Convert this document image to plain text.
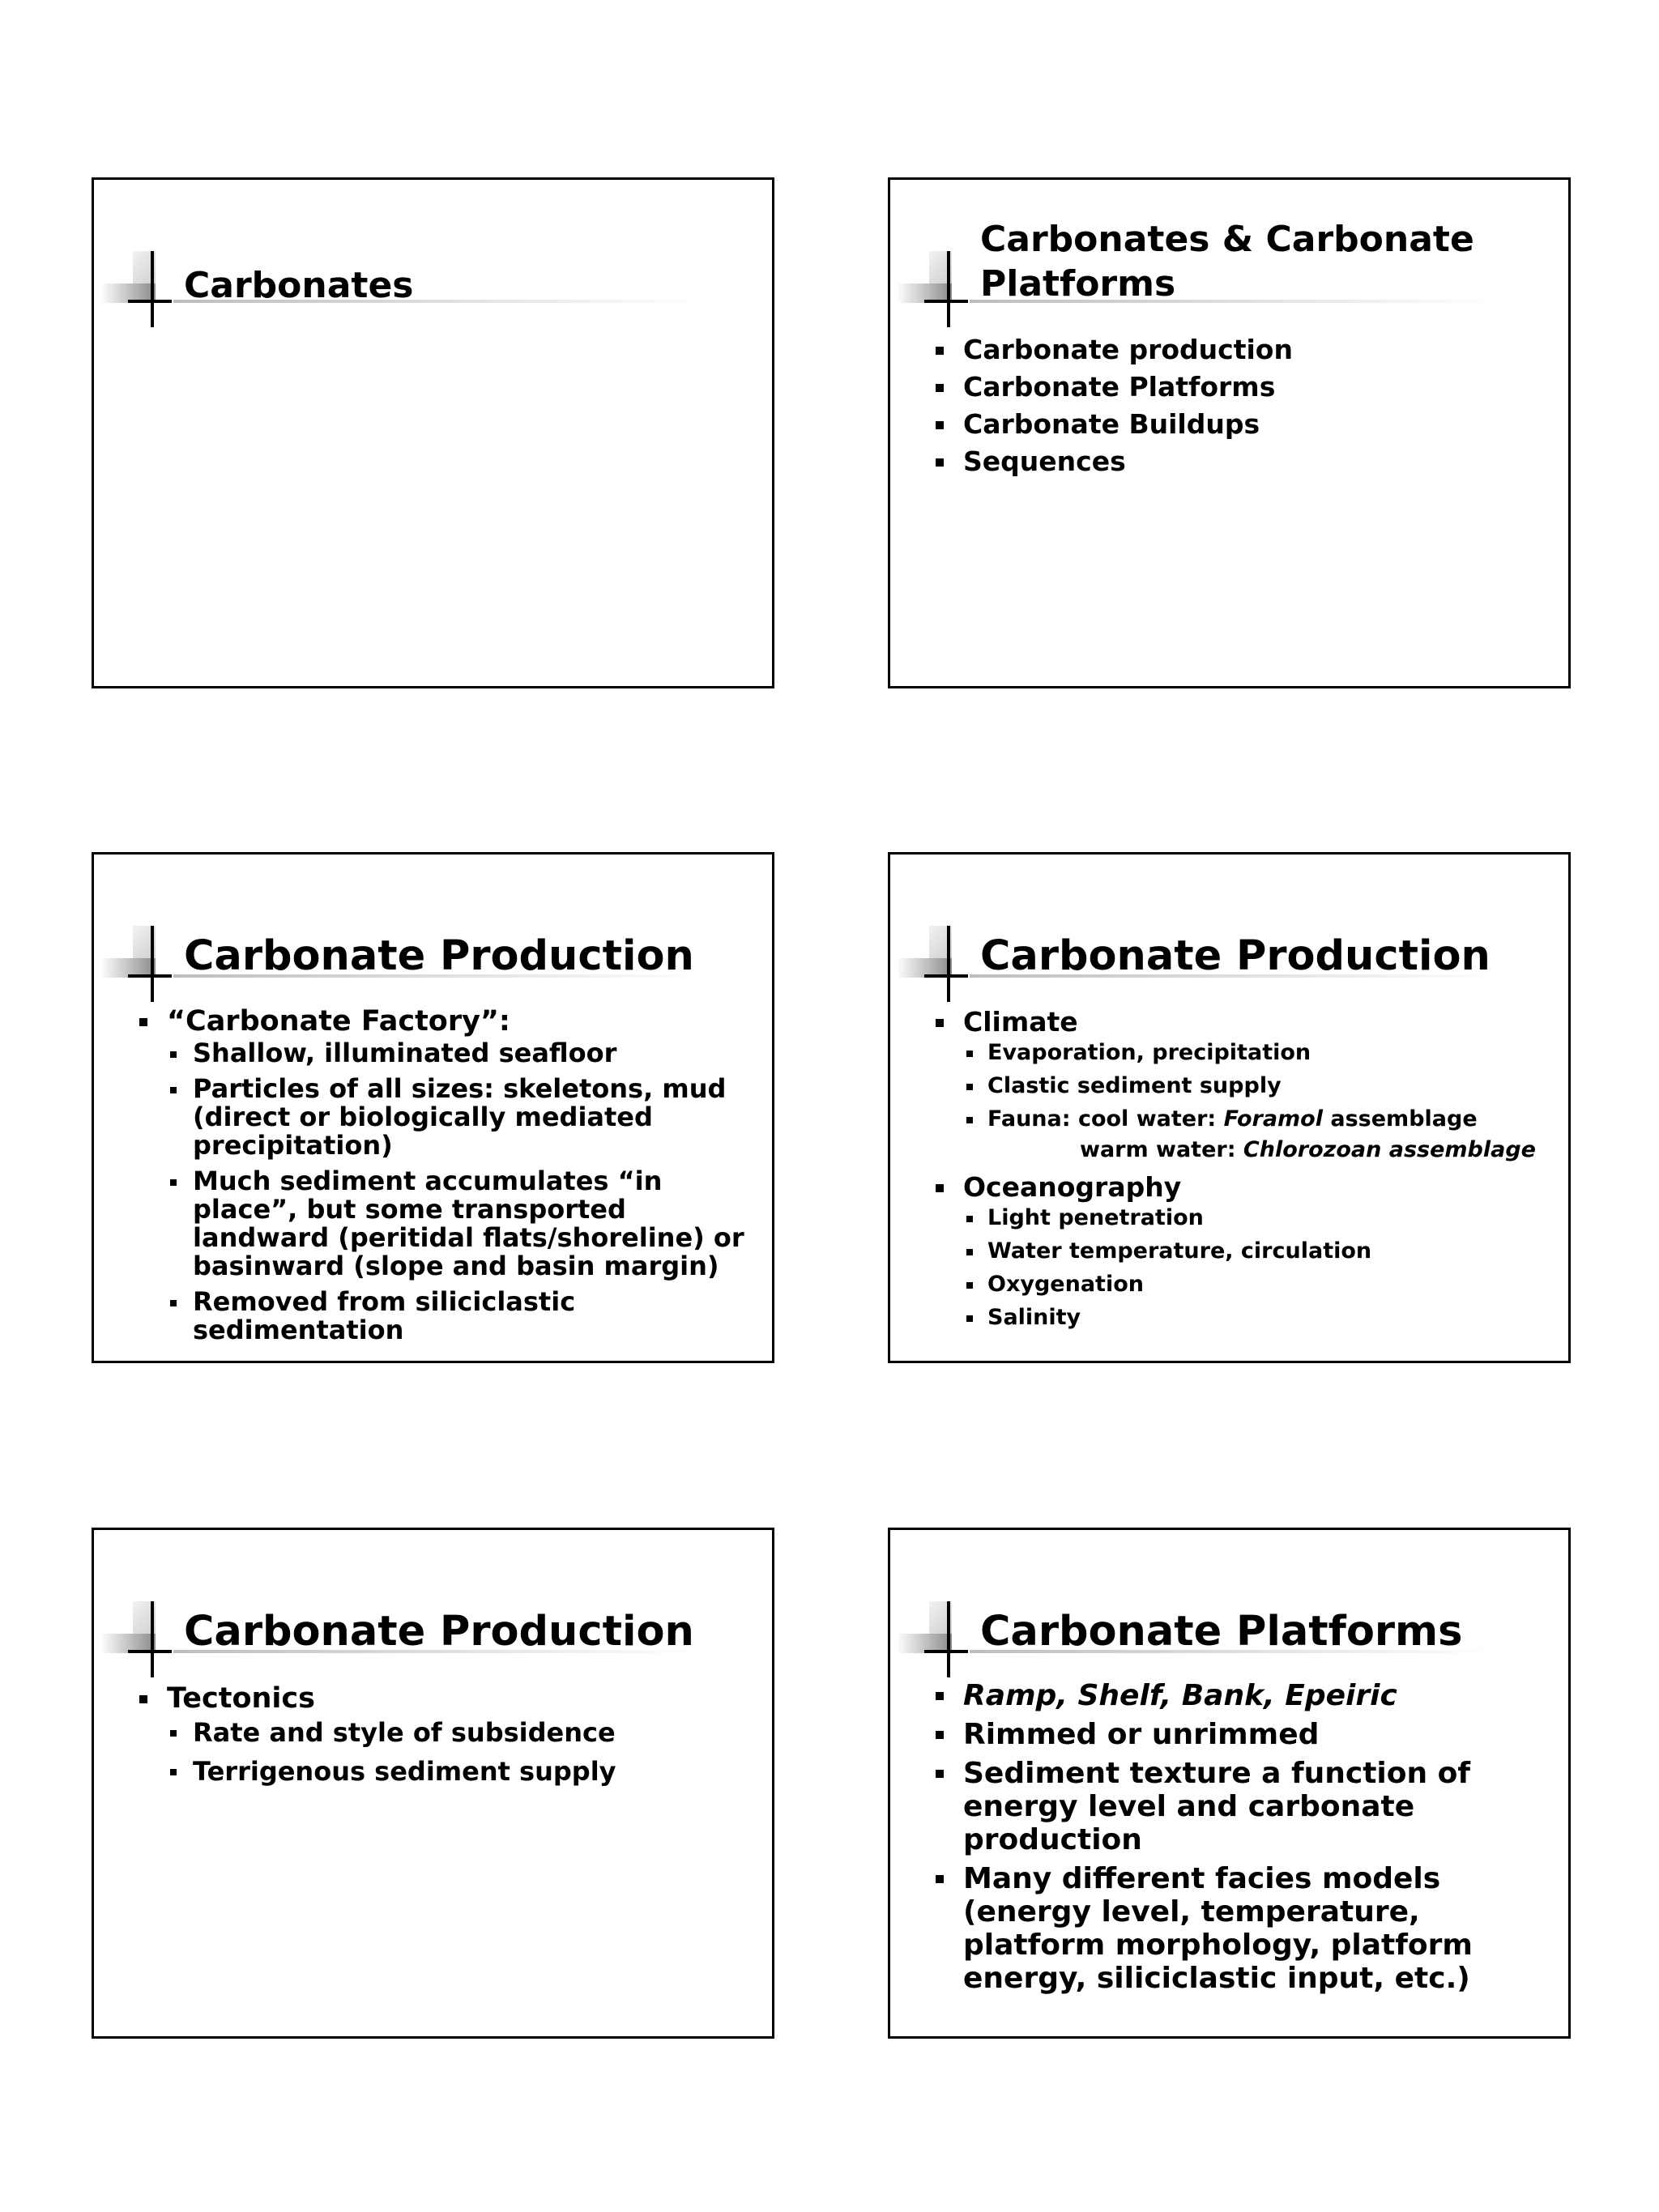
Carbonates
Carbonates & Carbonate
Platforms
Carbonate production
Carbonate Platforms
Carbonate Buildups
Sequences
Carbonate Production
“Carbonate Factory”:
Shallow, illuminated seafloor
Particles of all sizes: skeletons, mud (direct or biologically mediated precipitation)
Much sediment accumulates “in place”, but some transported landward (peritidal flats/shoreline) or basinward (slope and basin margin)
Removed from siliciclastic sedimentation
Carbonate Production
Climate
Evaporation, precipitation
Clastic sediment supply
Fauna: cool water: Foramol assemblage
warm water: Chlorozoan assemblage
Oceanography
Light penetration
Water temperature, circulation
Oxygenation
Salinity
Carbonate Production
Tectonics
Rate and style of subsidence
Terrigenous sediment supply
Carbonate Platforms
Ramp, Shelf, Bank, Epeiric
Rimmed or unrimmed
Sediment texture a function of energy level and carbonate production
Many different facies models (energy level, temperature, platform morphology, platform energy, siliciclastic input, etc.)
